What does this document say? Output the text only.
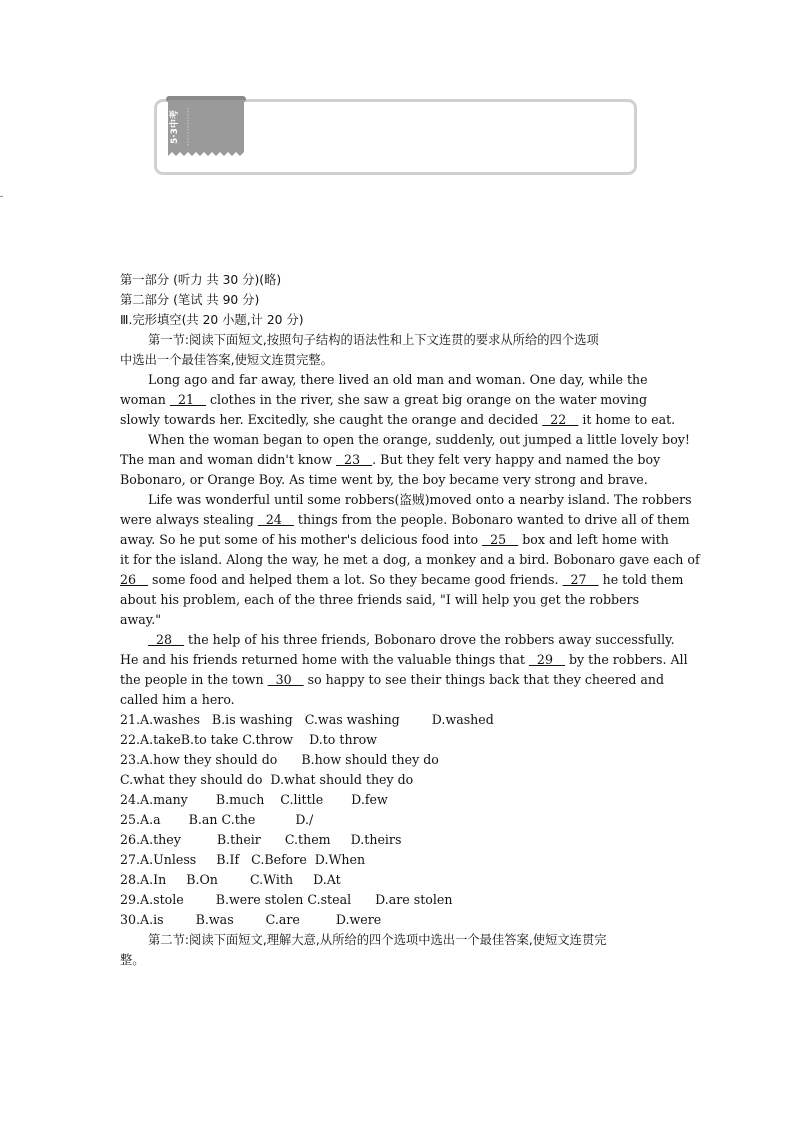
5·3中考
-
第一部分 (听力 共 30 分)(略)
第二部分 (笔试 共 90 分)
Ⅲ.完形填空(共 20 小题,计 20 分)
第一节:阅读下面短文,按照句子结构的语法性和上下文连贯的要求从所给的四个选项
中选出一个最佳答案,使短文连贯完整。
Long ago and far away, there lived an old man and woman. One day, while the
woman   21    clothes in the river, she saw a great big orange on the water moving
slowly towards her. Excitedly, she caught the orange and decided   22    it home to eat.
When the woman began to open the orange, suddenly, out jumped a little lovely boy!
The man and woman didn't know   23   . But they felt very happy and named the boy
Bobonaro, or Orange Boy. As time went by, the boy became very strong and brave.
Life was wonderful until some robbers(盗贼)moved onto a nearby island. The robbers
were always stealing   24    things from the people. Bobonaro wanted to drive all of them
away. So he put some of his mother's delicious food into   25    box and left home with
it for the island. Along the way, he met a dog, a monkey and a bird. Bobonaro gave each of
26    some food and helped them a lot. So they became good friends.   27    he told them
about his problem, each of the three friends said, "I will help you get the robbers
away."
28    the help of his three friends, Bobonaro drove the robbers away successfully.
He and his friends returned home with the valuable things that   29    by the robbers. All
the people in the town   30    so happy to see their things back that they cheered and
called him a hero.
21.A.washes   B.is washing   C.was washing        D.washed
22.A.takeB.to take C.throw    D.to throw
23.A.how they should do      B.how should they do
C.what they should do  D.what should they do
24.A.many       B.much    C.little       D.few
25.A.a       B.an C.the          D./
26.A.they         B.their      C.them     D.theirs
27.A.Unless     B.If   C.Before  D.When
28.A.In     B.On        C.With     D.At
29.A.stole        B.were stolen C.steal      D.are stolen
30.A.is        B.was        C.are         D.were
第二节:阅读下面短文,理解大意,从所给的四个选项中选出一个最佳答案,使短文连贯完
整。
